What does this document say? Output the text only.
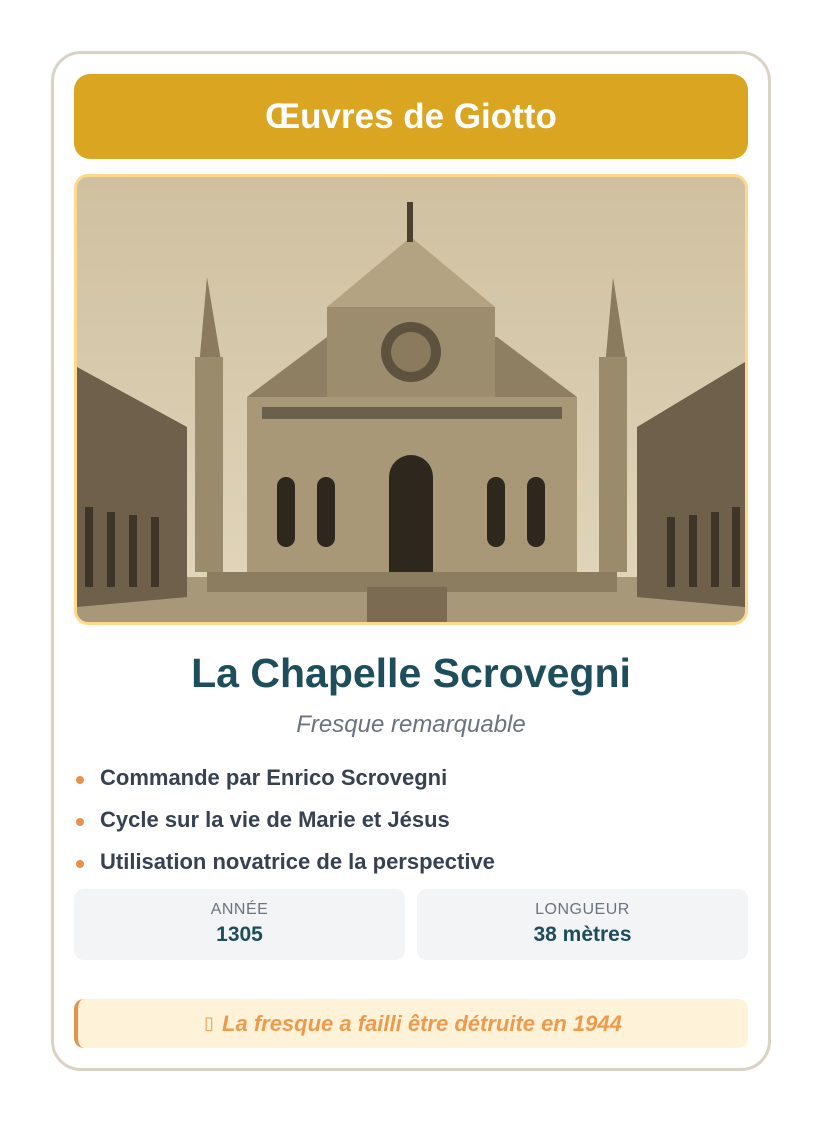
Œuvres de Giotto
La Chapelle Scrovegni
Fresque remarquable
Commande par Enrico Scrovegni
Cycle sur la vie de Marie et Jésus
Utilisation novatrice de la perspective
ANNÉE
1305
LONGUEUR
38 mètres
▯ La fresque a failli être détruite en 1944
